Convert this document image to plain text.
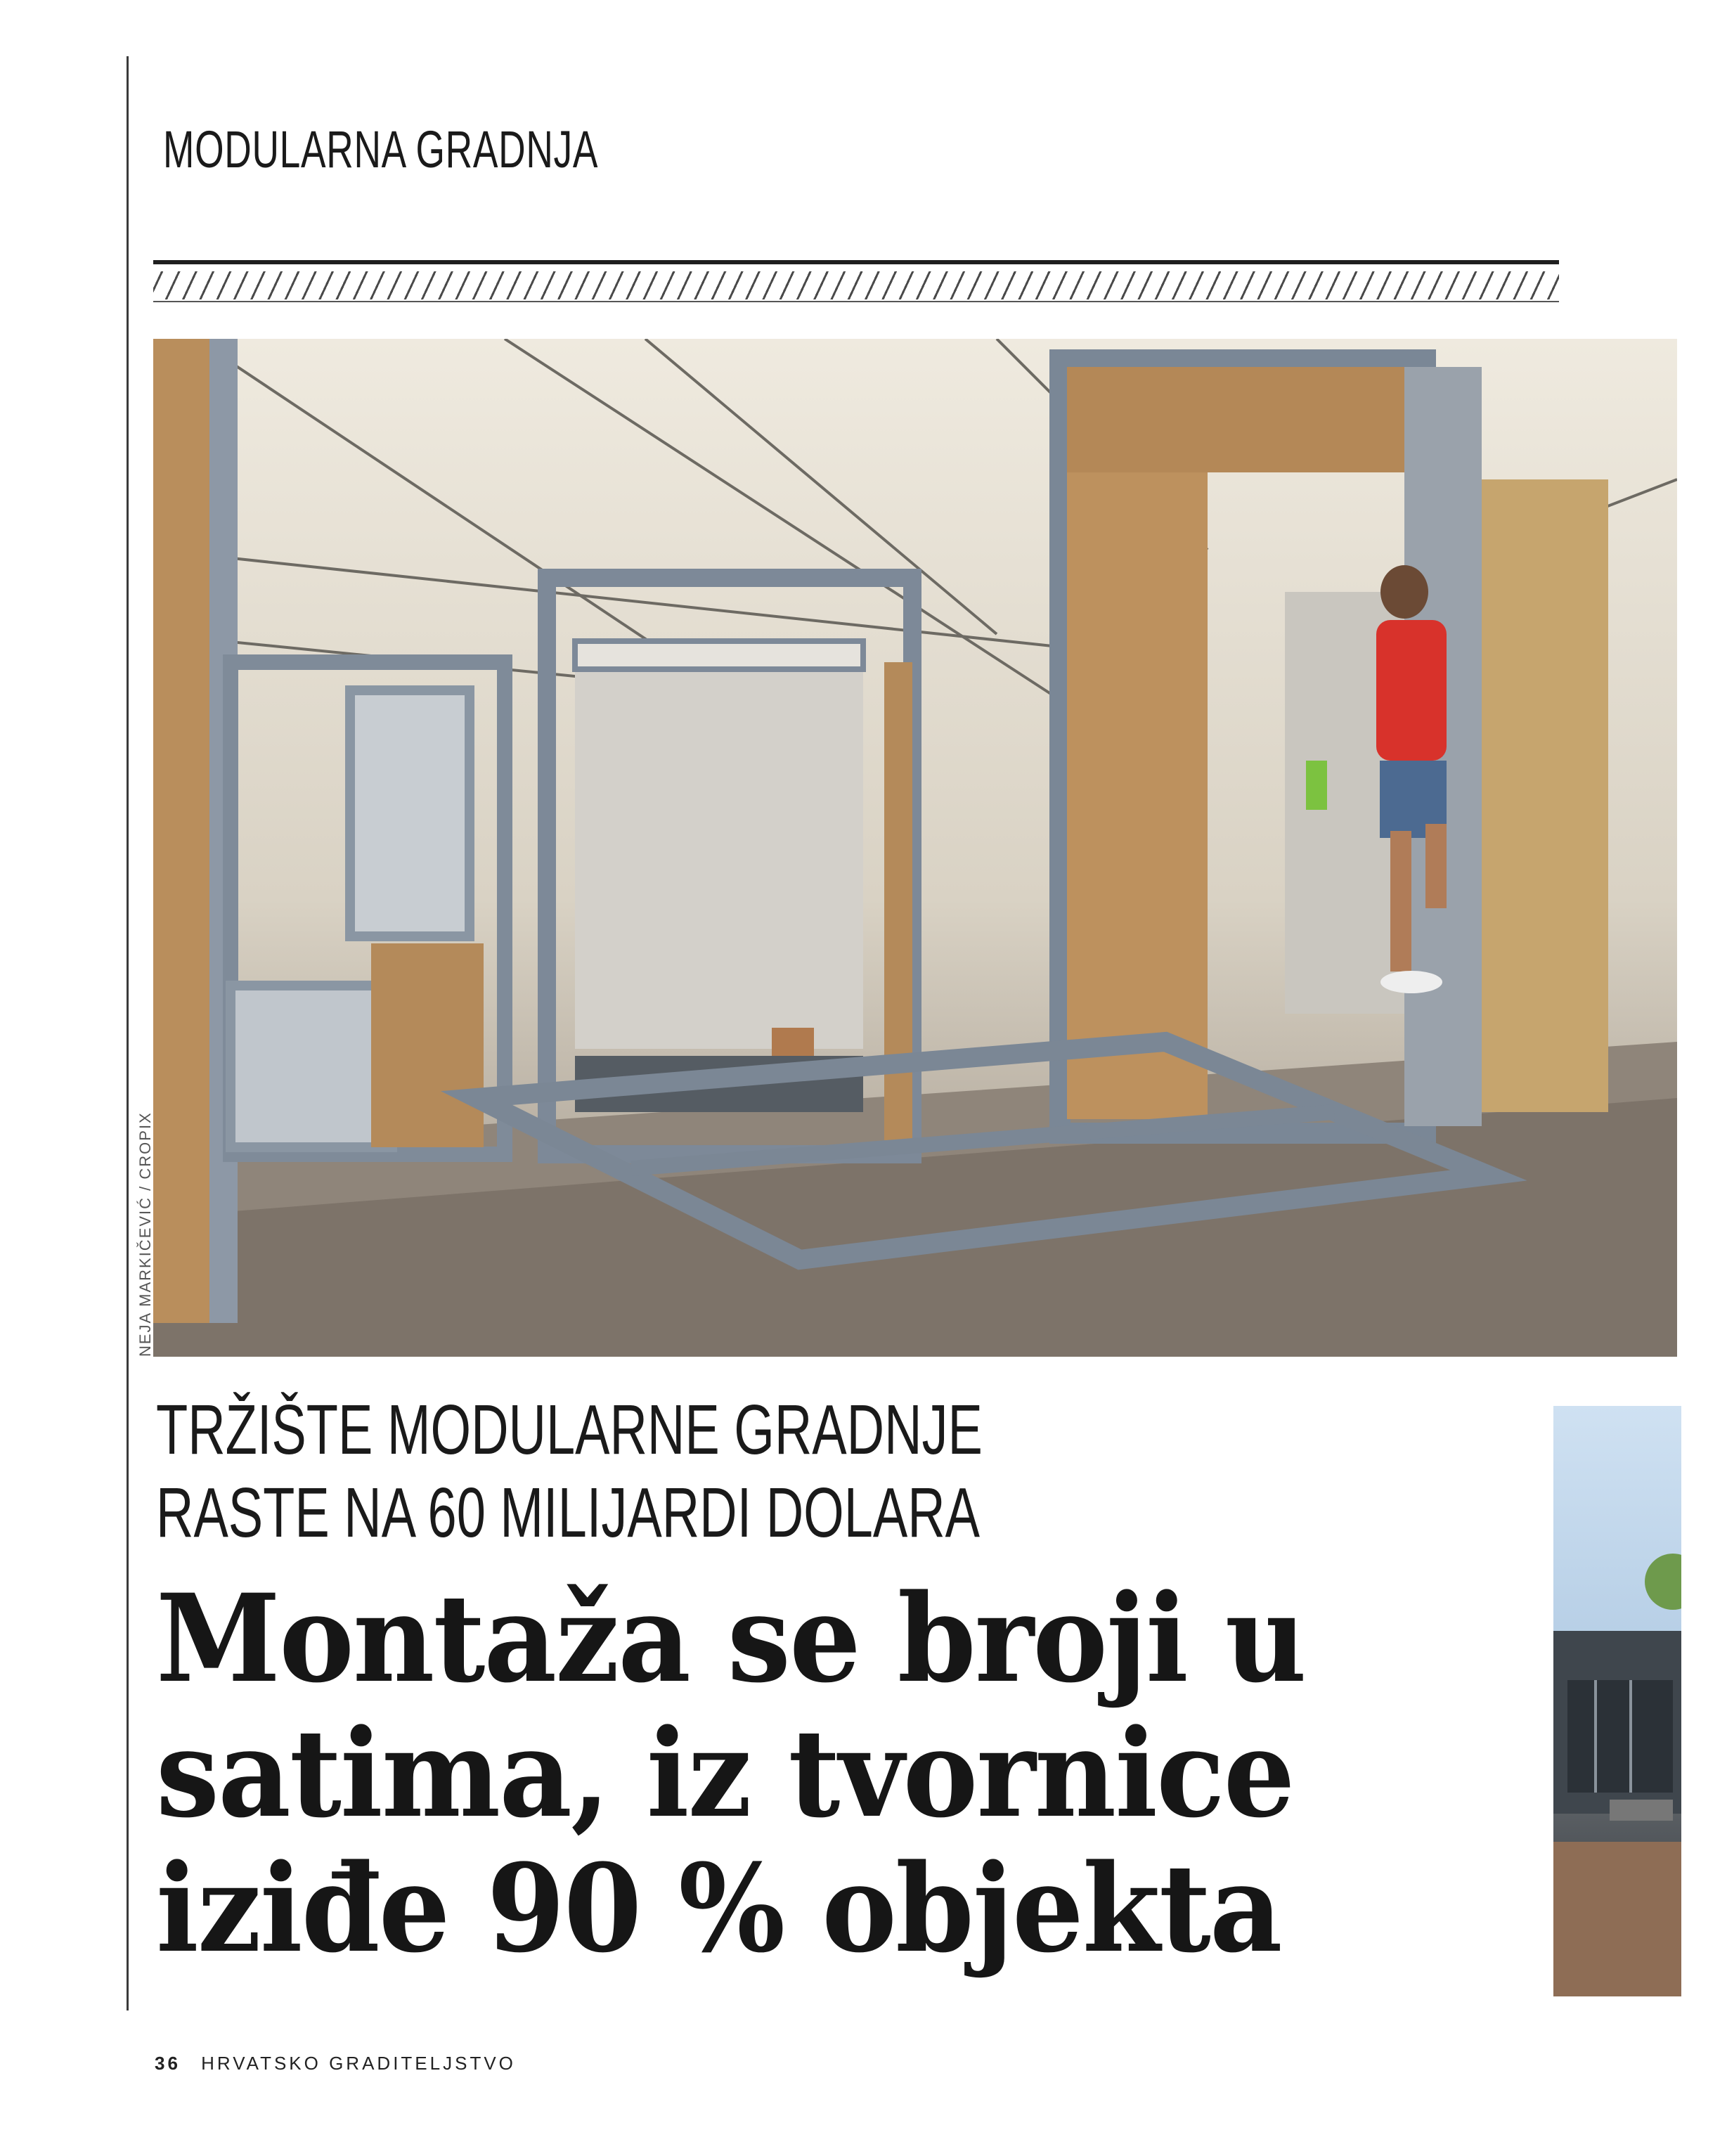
MODULARNA GRADNJA
NEJA MARKIČEVIĆ / CROPIX
TRŽIŠTE MODULARNE GRADNJE
RASTE NA 60 MILIJARDI DOLARA
Montaža se broji u
satima, iz tvornice
iziđe 90 % objekta
36 HRVATSKO GRADITELJSTVO
